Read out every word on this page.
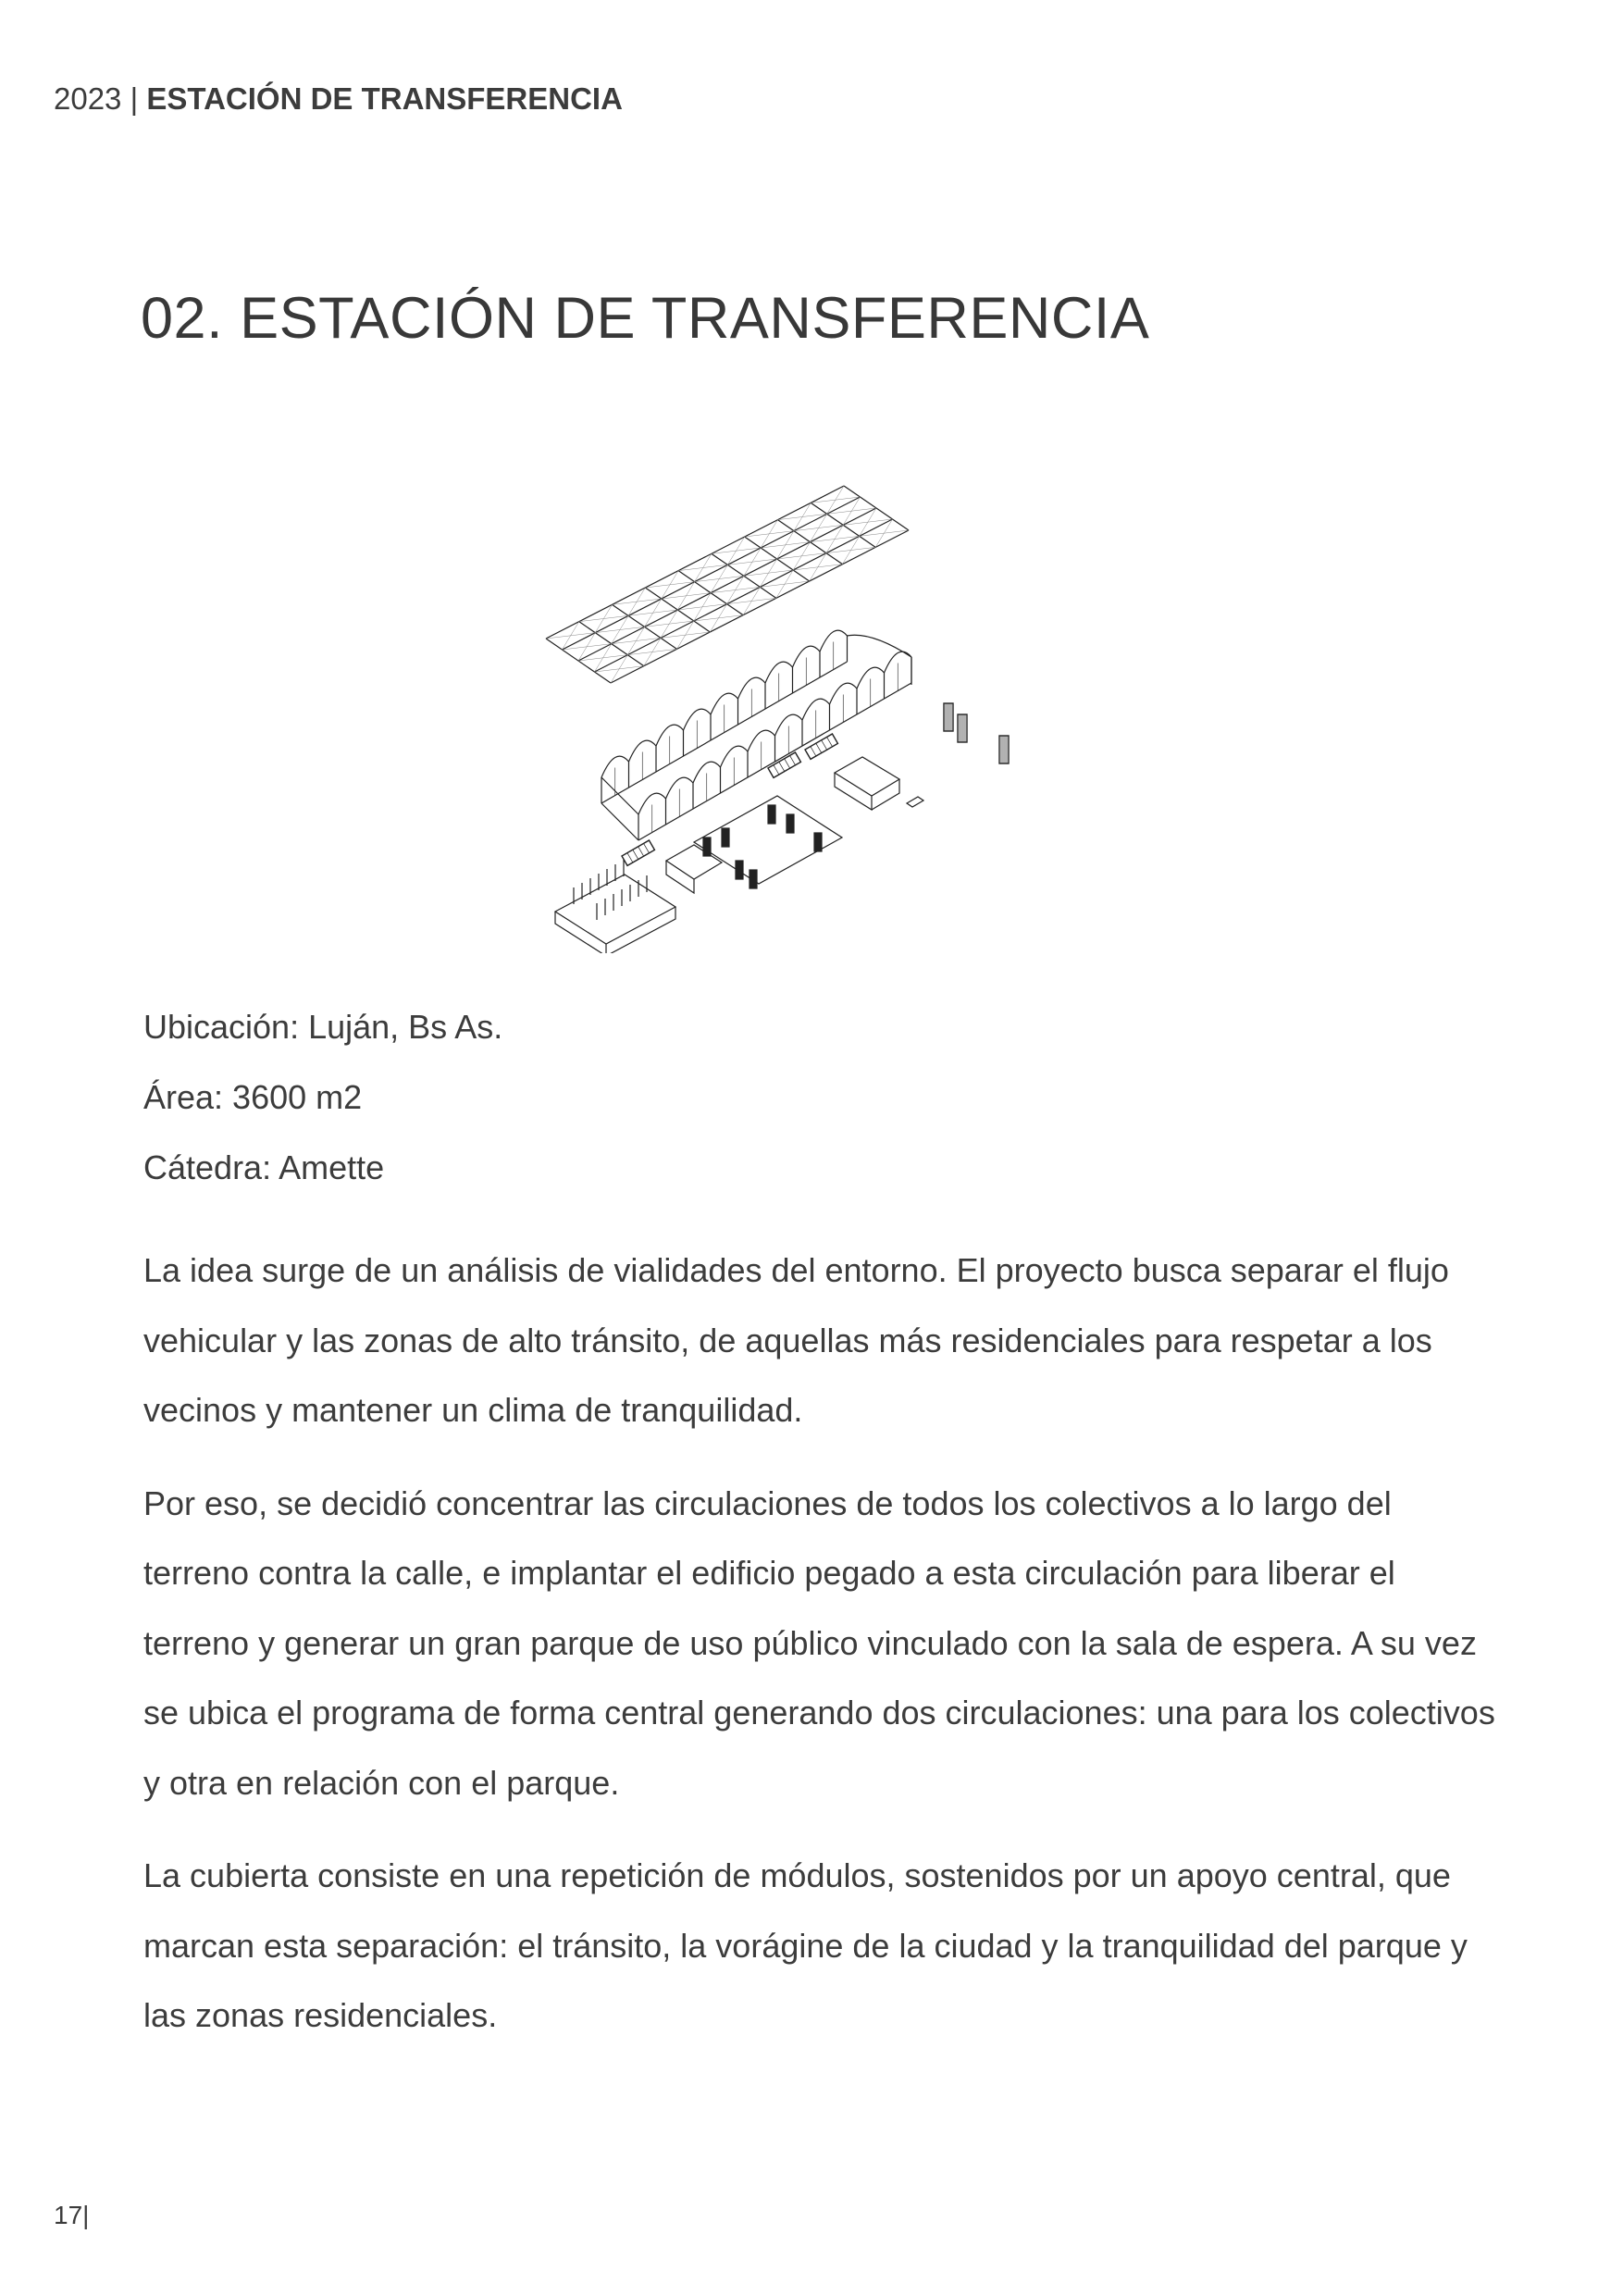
2023 | ESTACIÓN DE TRANSFERENCIA
02. ESTACIÓN DE TRANSFERENCIA
Ubicación: Luján, Bs As.
Área: 3600 m2
Cátedra: Amette

La idea surge de un análisis de vialidades del entorno. El proyecto busca separar el flujo vehicular y las zonas de alto tránsito, de aquellas más residenciales para respetar a los vecinos y mantener un clima de tranquilidad.

Por eso, se decidió concentrar las circulaciones de todos los colectivos a lo largo del terreno contra la calle, e implantar el edificio pegado a esta circulación para liberar el terreno y generar un gran parque de uso público vinculado con la sala de espera. A su vez se ubica el programa de forma central generando dos circulaciones: una para los colectivos y otra en relación con el parque.

La cubierta consiste en una repetición de módulos, sostenidos por un apoyo central, que marcan esta separación: el tránsito, la vorágine de la ciudad y la tranquilidad del parque y las zonas residenciales.

17|
